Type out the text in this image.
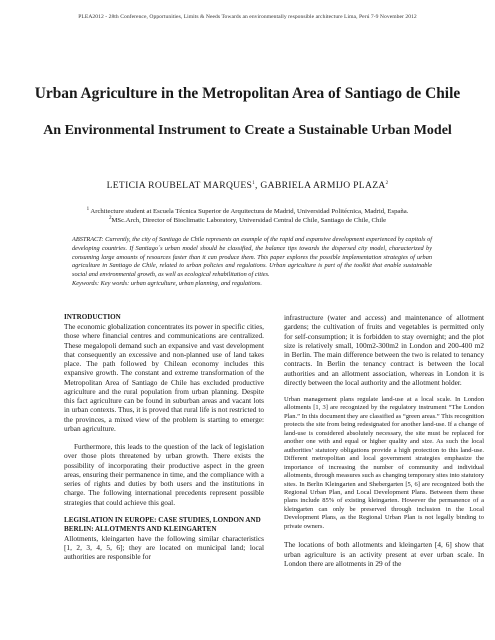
PLEA2012 - 28th Conference, Opportunities, Limits & Needs Towards an environmentally responsible architecture Lima, Perú 7-9 November 2012
Urban Agriculture in the Metropolitan Area of Santiago de Chile
An Environmental Instrument to Create a Sustainable Urban Model
LETICIA ROUBELAT MARQUES$^1$, GABRIELA ARMIJO PLAZA$^2$
$^1$ Architecture student at Escuela Técnica Superior de Arquitectura de Madrid, Universidad Politécnica, Madrid, España.
$^2$MSc.Arch, Director of Bioclimatic Laboratory, Universidad Central de Chile, Santiago de Chile, Chile

ABSTRACT: Currently, the city of Santiago de Chile represents an example of the rapid and expansive development experienced by capitals of developing countries. If Santiago´s urban model should be classified, the balance tips towards the dispersed city model, characterized by consuming large amounts of resources faster than it can produce them. This paper explores the possible implementation strategies of urban agriculture in Santiago de Chile, related to urban policies and regulations. Urban agriculture is part of the toolkit that enable sustainable social and environmental growth, as well as ecological rehabilitation of cities.
Keywords: Key words: urban agriculture, urban planning, and regulations.

INTRODUCTION

The economic globalization concentrates its power in specific cities, those where financial centres and communications are centralized. These megalopoli demand such an expansive and vast development that consequently an excessive and non-planned use of land takes place. The path followed by Chilean economy includes this expansive growth. The constant and extreme transformation of the Metropolitan Area of Santiago de Chile has excluded productive agriculture and the rural population from urban planning. Despite this fact agriculture can be found in suburban areas and vacant lots in urban contexts. Thus, it is proved that rural life is not restricted to the provinces, a mixed view of the problem is starting to emerge: urban agriculture.

Furthermore, this leads to the question of the lack of legislation over those plots threatened by urban growth. There exists the possibility of incorporating their productive aspect in the green areas, ensuring their permanence in time, and the compliance with a series of rights and duties by both users and the institutions in charge. The following international precedents represent possible strategies that could achieve this goal.

LEGISLATION IN EUROPE: CASE STUDIES, LONDON AND BERLIN: ALLOTMENTS AND KLEINGARTEN

Allotments, kleingarten have the following similar characteristics [1, 2, 3, 4, 5, 6]; they are located on municipal land; local authorities are responsible for

infrastructure (water and access) and maintenance of allotment gardens; the cultivation of fruits and vegetables is permitted only for self-consumption; it is forbidden to stay overnight; and the plot size is relatively small, 100m2-300m2 in London and 200-400 m2 in Berlin. The main difference between the two is related to tenancy contracts. In Berlin the tenancy contract is between the local authorities and an allotment association, whereas in London it is directly between the local authority and the allotment holder.

Urban management plans regulate land-use at a local scale. In London allotments [1, 3] are recognized by the regulatory instrument “The London Plan.” In this document they are classified as “green areas.” This recognition protects the site from being redesignated for another land-use. If a change of land-use is considered absolutely necessary, the site must be replaced for another one with and equal or higher quality and size. As such the local authorities’ statutory obligations provide a high protection to this land-use. Different metropolitan and local government strategies emphasize the importance of increasing the number of community and individual allotments, through measures such as changing temporary sites into statutory sites. In Berlin Kleingarten and Shebergarten [5, 6] are recognized both the Regional Urban Plan, and Local Development Plans. Between them these plans include 85% of existing kleingarten. However the permanence of a kleingarten can only be preserved through inclusion in the Local Development Plans, as the Regional Urban Plan is not legally binding to private owners.

The locations of both allotments and kleingarten [4, 6] show that urban agriculture is an activity present at ever urban scale. In London there are allotments in 29 of the
